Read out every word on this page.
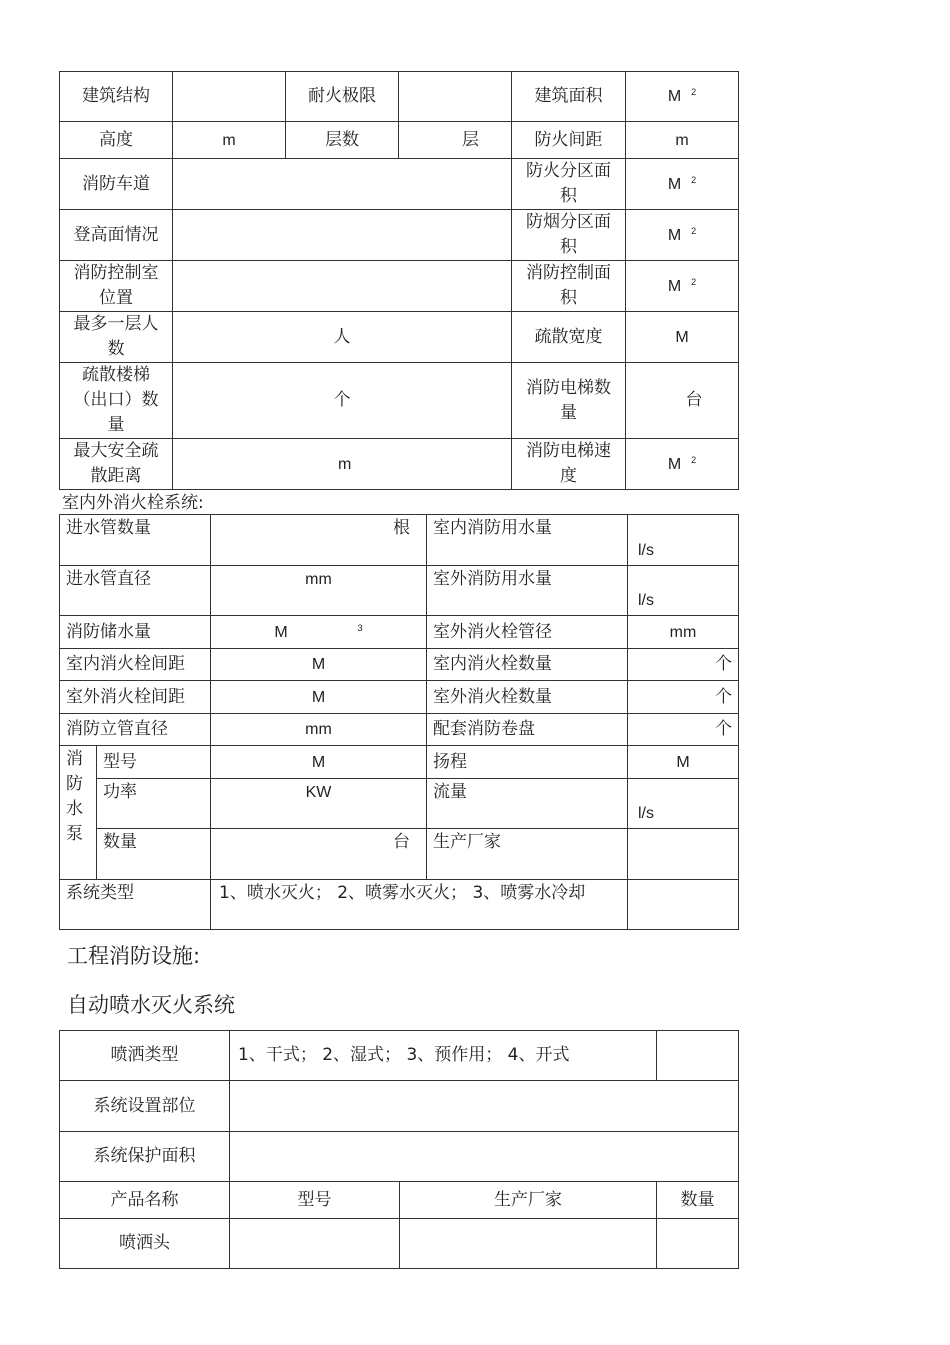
建筑结构		耐火极限		建筑面积	M $^2$
高度	m	层数	层	防火间距	m
消防车道				防火分区面积	M $^2$
登高面情况				防烟分区面积	M $^2$
消防控制室位置				消防控制面积	M $^2$
最多一层人数	人			疏散宽度	M
疏散楼梯（出口）数量	个			消防电梯数量	台
最大安全疏散距离	m			消防电梯速度	M $^2$
室内外消火栓系统:
进水管数量		根	室内消防用水量	l/s
进水管直径		mm	室外消防用水量	l/s
消防储水量		M $^3$	室外消火栓管径	mm
室内消火栓间距		M	室内消火栓数量	个
室外消火栓间距		M	室外消火栓数量	个
消防立管直径		mm	配套消防卷盘	个
消防水泵	型号	M	扬程	M
	功率	KW	流量	l/s
	数量	台	生产厂家	
系统类型		1、喷水灭火； 2、喷雾水灭火； 3、喷雾水冷却		
工程消防设施:
自动喷水灭火系统
喷洒类型	1、干式； 2、湿式； 3、预作用； 4、开式		
系统设置部位			
系统保护面积			
产品名称	型号	生产厂家	数量
喷洒头			
